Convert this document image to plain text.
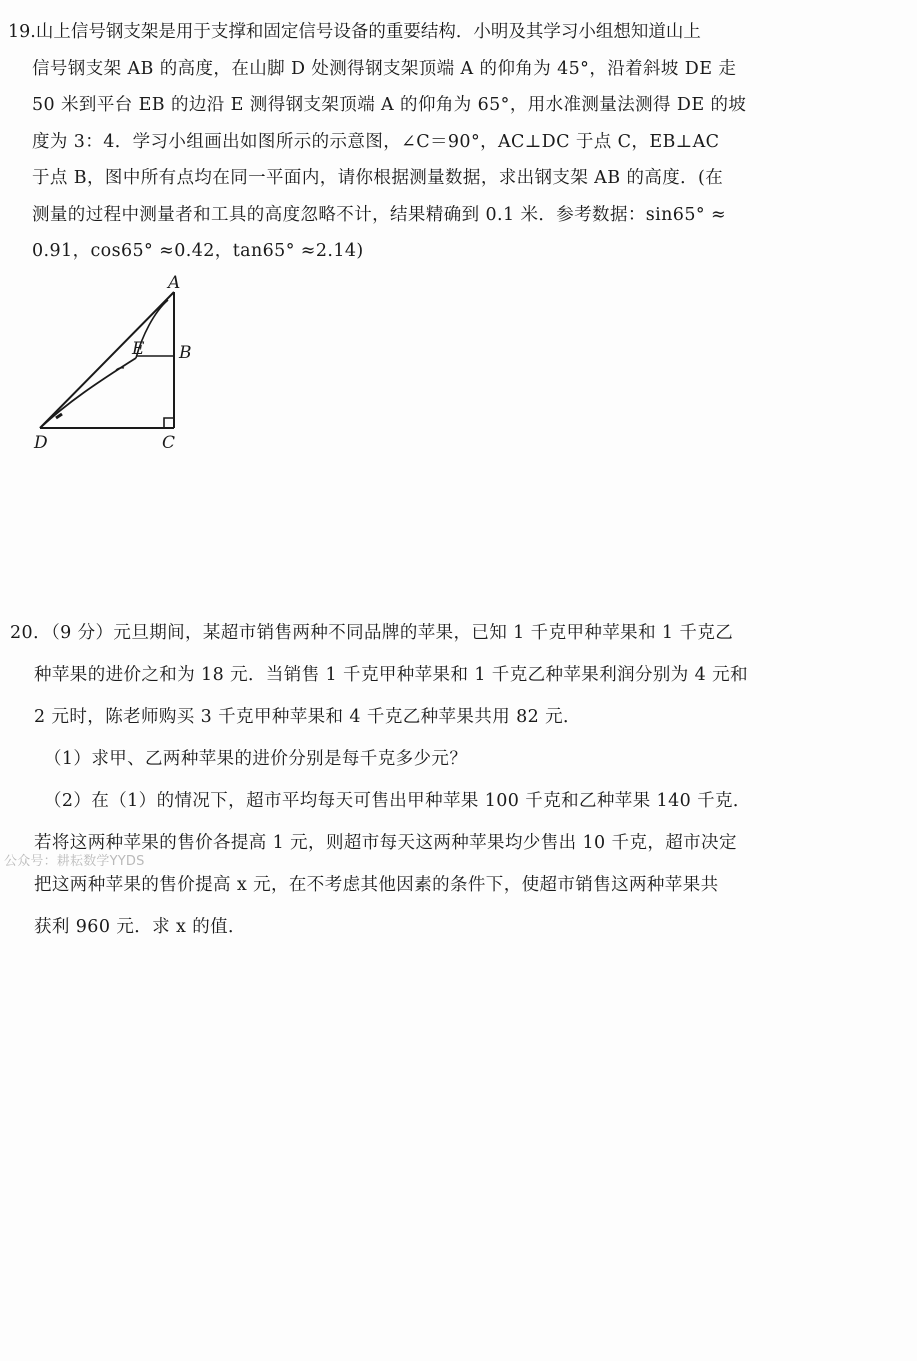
19.山上信号钢支架是用于支撑和固定信号设备的重要结构．小明及其学习小组想知道山上
信号钢支架 AB 的高度，在山脚 D 处测得钢支架顶端 A 的仰角为 45°，沿着斜坡 DE 走
50 米到平台 EB 的边沿 E 测得钢支架顶端 A 的仰角为 65°，用水准测量法测得 DE 的坡
度为 3：4．学习小组画出如图所示的示意图，∠C＝90°，AC⊥DC 于点 C，EB⊥AC
于点 B，图中所有点均在同一平面内，请你根据测量数据，求出钢支架 AB 的高度．(在
测量的过程中测量者和工具的高度忽略不计，结果精确到 0.1 米．参考数据：sin65° ≈
0.91，cos65° ≈0.42，tan65° ≈2.14)
A
B
C
D
E
20．（9 分）元旦期间，某超市销售两种不同品牌的苹果，已知 1 千克甲种苹果和 1 千克乙
种苹果的进价之和为 18 元．当销售 1 千克甲种苹果和 1 千克乙种苹果利润分别为 4 元和
2 元时，陈老师购买 3 千克甲种苹果和 4 千克乙种苹果共用 82 元．
（1）求甲、乙两种苹果的进价分别是每千克多少元？
（2）在（1）的情况下，超市平均每天可售出甲种苹果 100 千克和乙种苹果 140 千克．
若将这两种苹果的售价各提高 1 元，则超市每天这两种苹果均少售出 10 千克，超市决定
把这两种苹果的售价提高 x 元，在不考虑其他因素的条件下，使超市销售这两种苹果共
获利 960 元．求 x 的值．
公众号：耕耘数学YYDS
